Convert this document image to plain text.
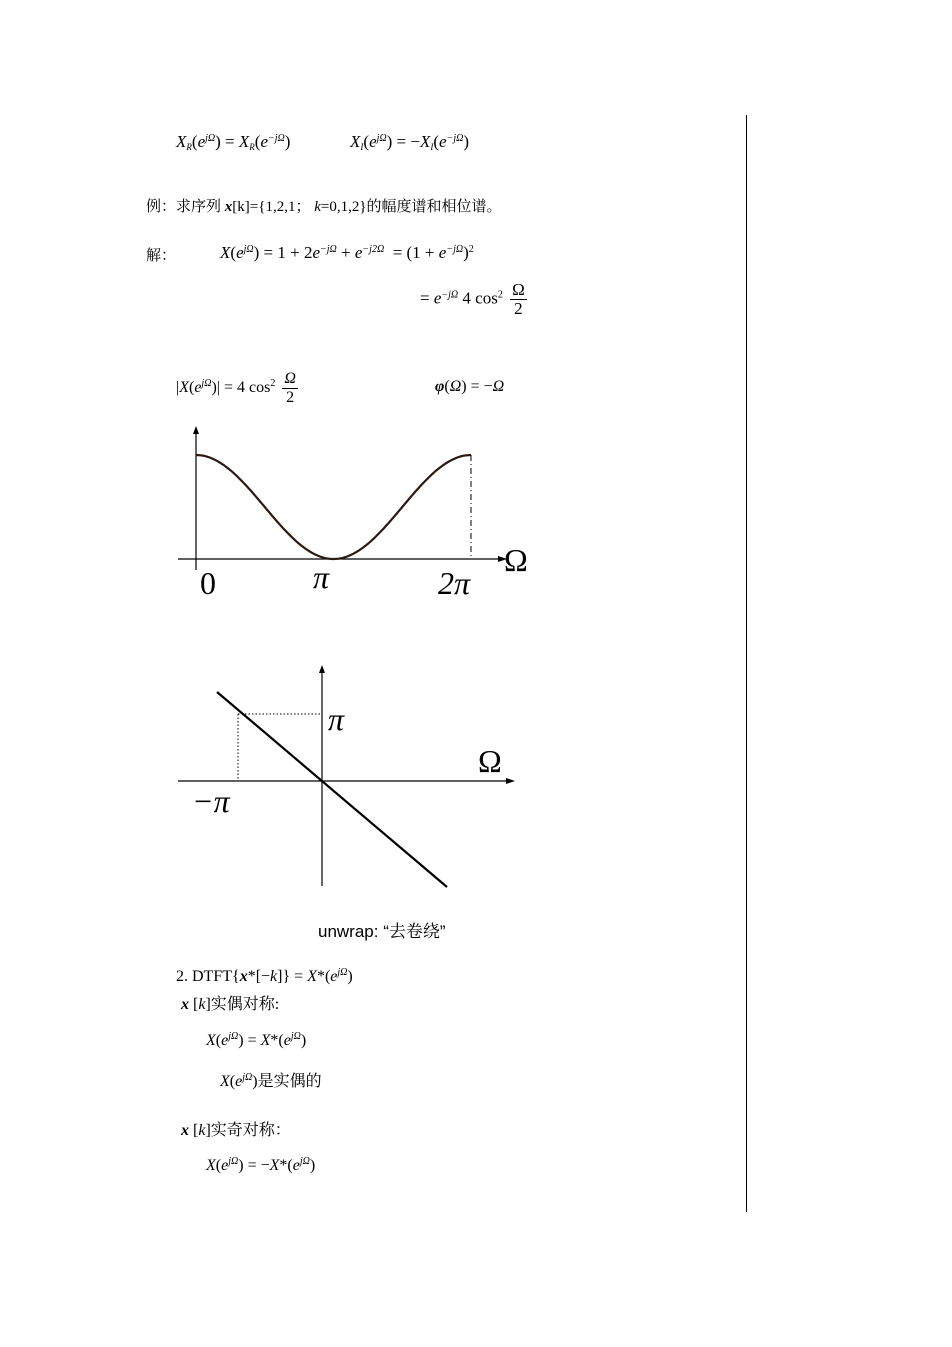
$X_R(e^{j\Omega}) = X_R(e^{-j\Omega})$	$X_I(e^{j\Omega}) = -X_I(e^{-j\Omega})$
例：求序列 x[k]={1,2,1； k=0,1,2}的幅度谱和相位谱。
解：	$X(e^{j\Omega}) = 1 + 2e^{-j\Omega} + e^{-j2\Omega} = (1 + e^{-j\Omega})^2$
= $e^{-j\Omega}$ 4 $\cos^2 \frac{\Omega}{2}$
$|X(e^{j\Omega})| = 4$ $\cos^2 \frac{\Omega}{2}$	φ(Ω) = −Ω
0	π	2π
Ω
π
−π
Ω
unwrap: “去卷绕”
2. DTFT{x*[−k]} = $X*(e^{j\Omega})$
x [k]实偶对称:
$X(e^{j\Omega}) = X*(e^{j\Omega})$
$X(e^{j\Omega})$是实偶的
x [k]实奇对称：
$X(e^{j\Omega}) = -X*(e^{j\Omega})$
